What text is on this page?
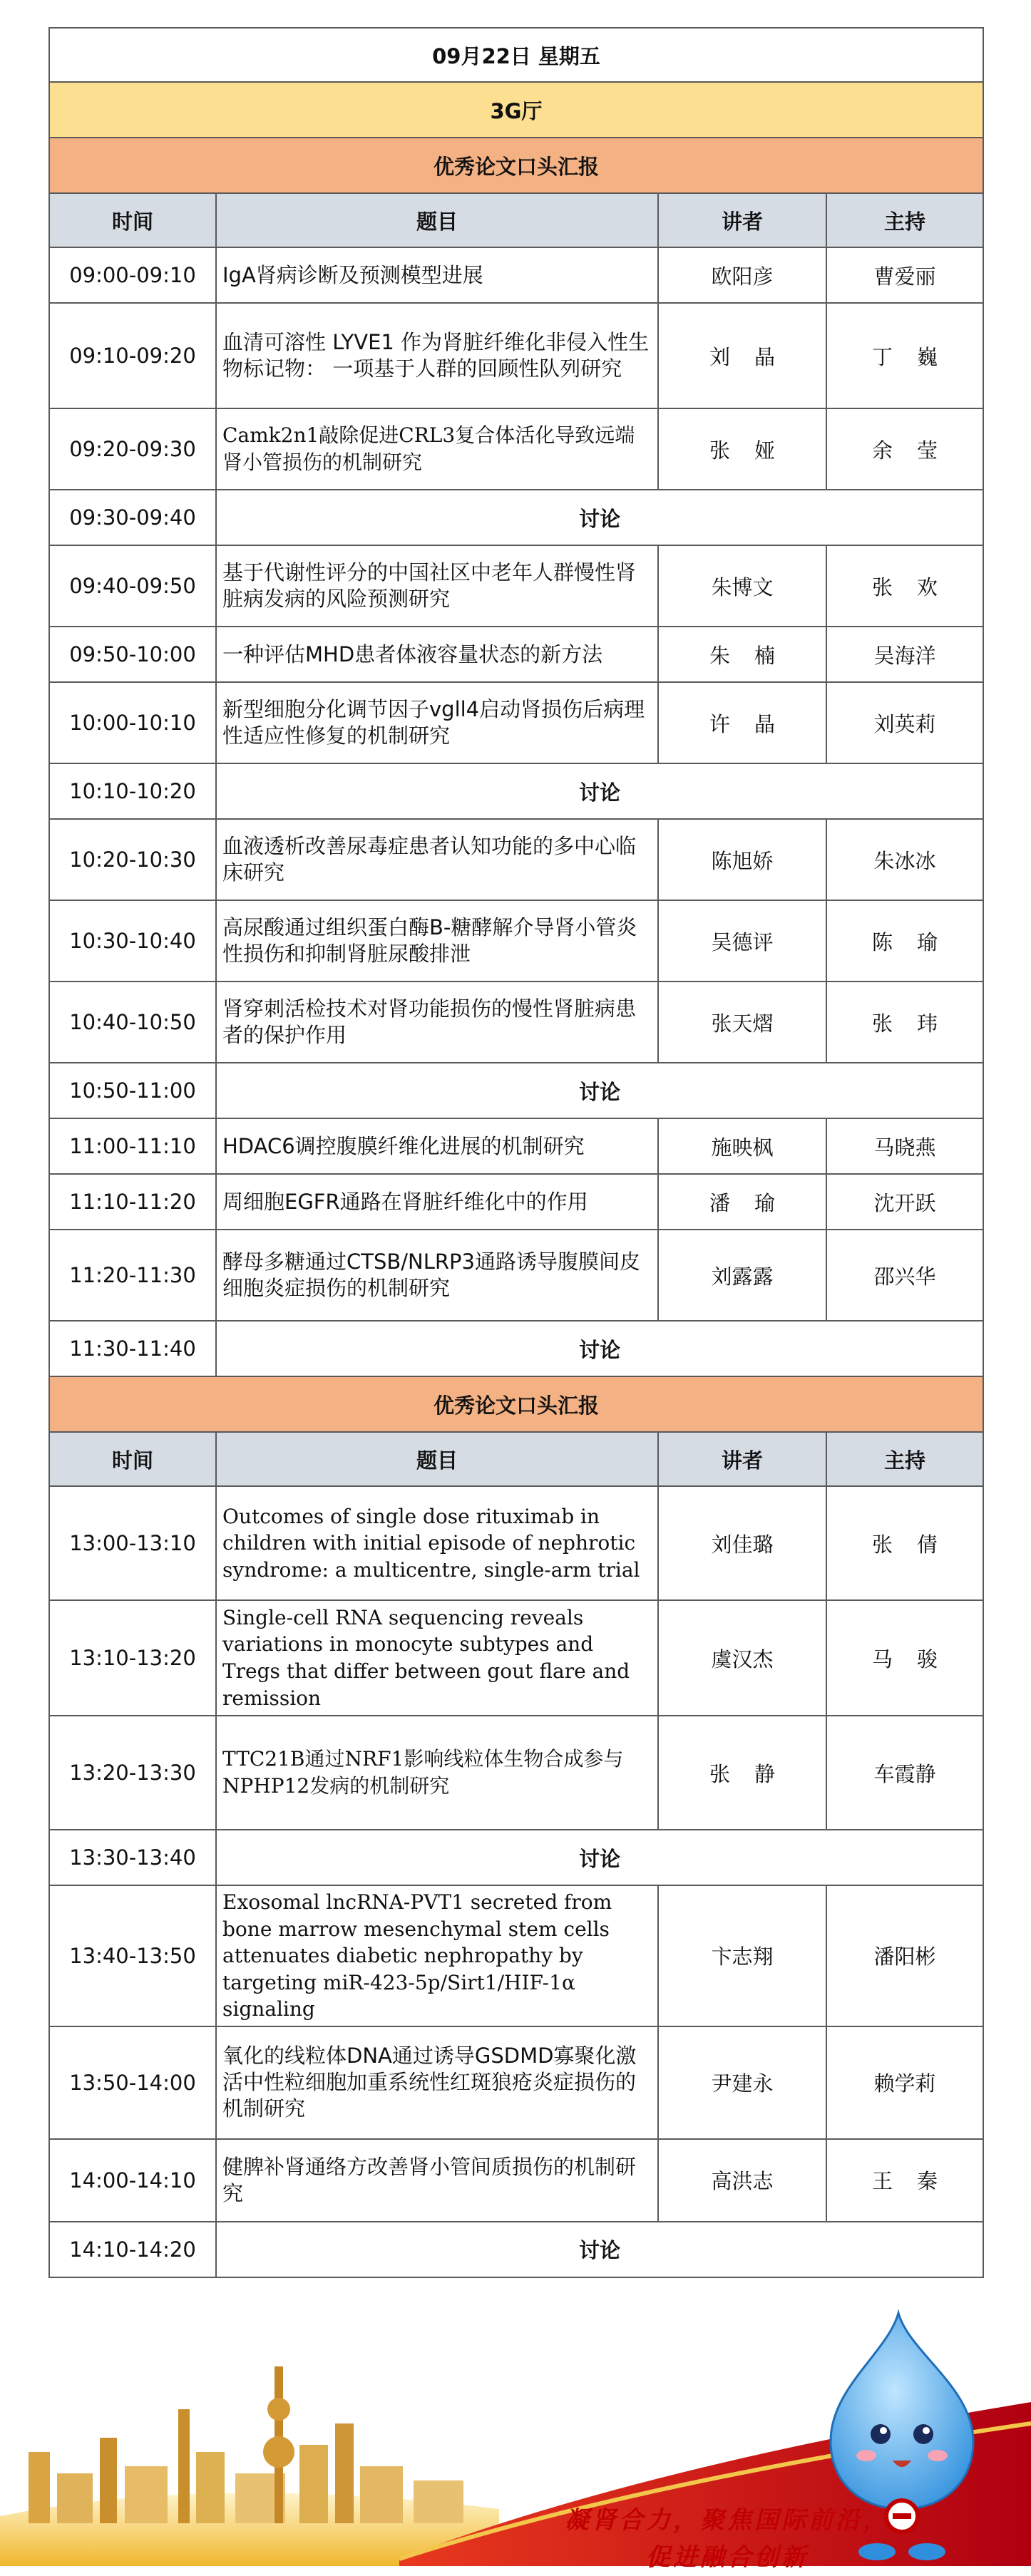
09月22日 星期五			
3G厅			
优秀论文口头汇报			
时间	题目	讲者	主持
09:00-09:10	IgA肾病诊断及预测模型进展	欧阳彦	曹爱丽
09:10-09:20	血清可溶性 LYVE1 作为肾脏纤维化非侵入性生物标记物： 一项基于人群的回顾性队列研究	刘晶	丁巍
09:20-09:30	Camk2n1敲除促进CRL3复合体活化导致远端肾小管损伤的机制研究	张娅	余莹
09:30-09:40	讨论		
09:40-09:50	基于代谢性评分的中国社区中老年人群慢性肾脏病发病的风险预测研究	朱博文	张欢
09:50-10:00	一种评估MHD患者体液容量状态的新方法	朱楠	吴海洋
10:00-10:10	新型细胞分化调节因子vgll4启动肾损伤后病理性适应性修复的机制研究	许晶	刘英莉
10:10-10:20	讨论		
10:20-10:30	血液透析改善尿毒症患者认知功能的多中心临床研究	陈旭娇	朱冰冰
10:30-10:40	高尿酸通过组织蛋白酶B-糖酵解介导肾小管炎性损伤和抑制肾脏尿酸排泄	吴德评	陈瑜
10:40-10:50	肾穿刺活检技术对肾功能损伤的慢性肾脏病患者的保护作用	张天熠	张玮
10:50-11:00	讨论		
11:00-11:10	HDAC6调控腹膜纤维化进展的机制研究	施映枫	马晓燕
11:10-11:20	周细胞EGFR通路在肾脏纤维化中的作用	潘瑜	沈开跃
11:20-11:30	酵母多糖通过CTSB/NLRP3通路诱导腹膜间皮细胞炎症损伤的机制研究	刘露露	邵兴华
11:30-11:40	讨论		
优秀论文口头汇报			
时间	题目	讲者	主持
13:00-13:10	Outcomes of single dose rituximab in children with initial episode of nephrotic syndrome: a multicentre, single-arm trial	刘佳璐	张倩
13:10-13:20	Single-cell RNA sequencing reveals variations in monocyte subtypes and Tregs that differ between gout flare and remission	虞汉杰	马骏
13:20-13:30	TTC21B通过NRF1影响线粒体生物合成参与NPHP12发病的机制研究	张静	车霞静
13:30-13:40	讨论		
13:40-13:50	Exosomal lncRNA-PVT1 secreted from bone marrow mesenchymal stem cells attenuates diabetic nephropathy by targeting miR-423-5p/Sirt1/HIF-1α signaling	卞志翔	潘阳彬
13:50-14:00	氧化的线粒体DNA通过诱导GSDMD寡聚化激活中性粒细胞加重系统性红斑狼疮炎症损伤的机制研究	尹建永	赖学莉
14:00-14:10	健脾补肾通络方改善肾小管间质损伤的机制研究	高洪志	王秦
14:10-14:20	讨论		
凝肾合力，聚焦国际前沿，
促进融合创新
